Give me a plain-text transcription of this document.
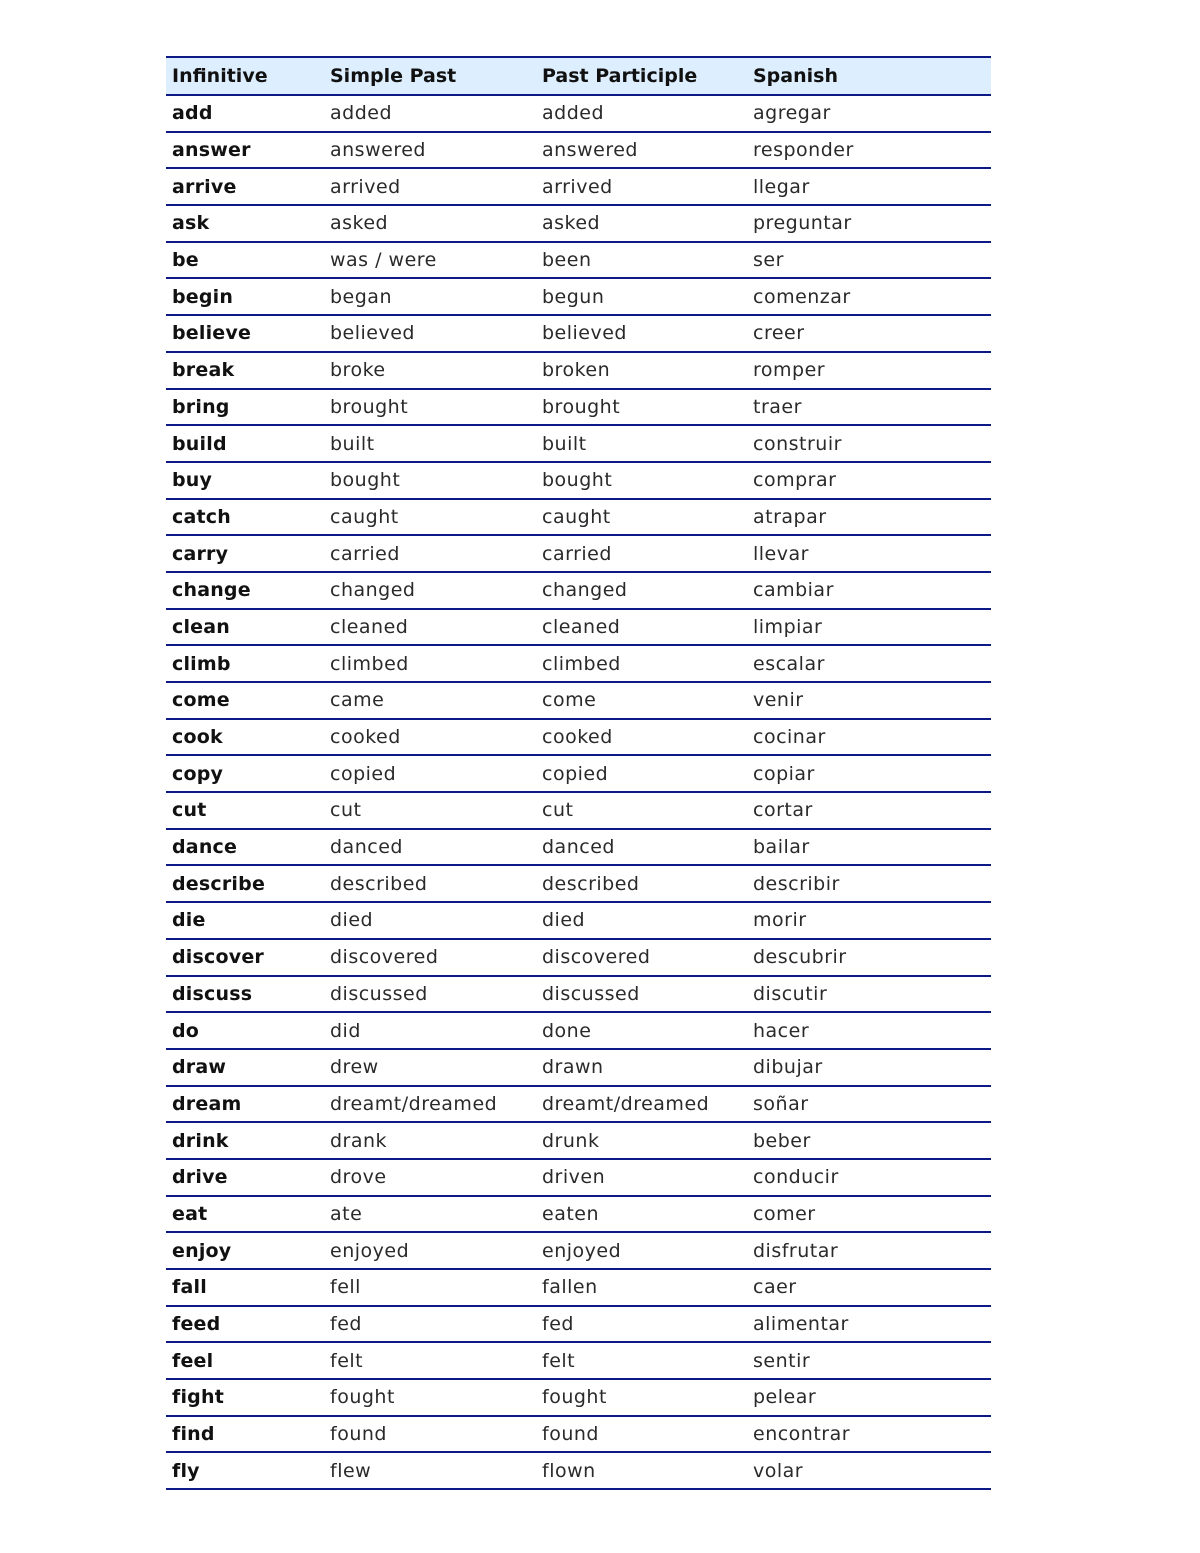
Infinitive	Simple Past	Past Participle	Spanish
add	added	added	agregar
answer	answered	answered	responder
arrive	arrived	arrived	llegar
ask	asked	asked	preguntar
be	was / were	been	ser
begin	began	begun	comenzar
believe	believed	believed	creer
break	broke	broken	romper
bring	brought	brought	traer
build	built	built	construir
buy	bought	bought	comprar
catch	caught	caught	atrapar
carry	carried	carried	llevar
change	changed	changed	cambiar
clean	cleaned	cleaned	limpiar
climb	climbed	climbed	escalar
come	came	come	venir
cook	cooked	cooked	cocinar
copy	copied	copied	copiar
cut	cut	cut	cortar
dance	danced	danced	bailar
describe	described	described	describir
die	died	died	morir
discover	discovered	discovered	descubrir
discuss	discussed	discussed	discutir
do	did	done	hacer
draw	drew	drawn	dibujar
dream	dreamt/dreamed	dreamt/dreamed	soñar
drink	drank	drunk	beber
drive	drove	driven	conducir
eat	ate	eaten	comer
enjoy	enjoyed	enjoyed	disfrutar
fall	fell	fallen	caer
feed	fed	fed	alimentar
feel	felt	felt	sentir
fight	fought	fought	pelear
find	found	found	encontrar
fly	flew	flown	volar
